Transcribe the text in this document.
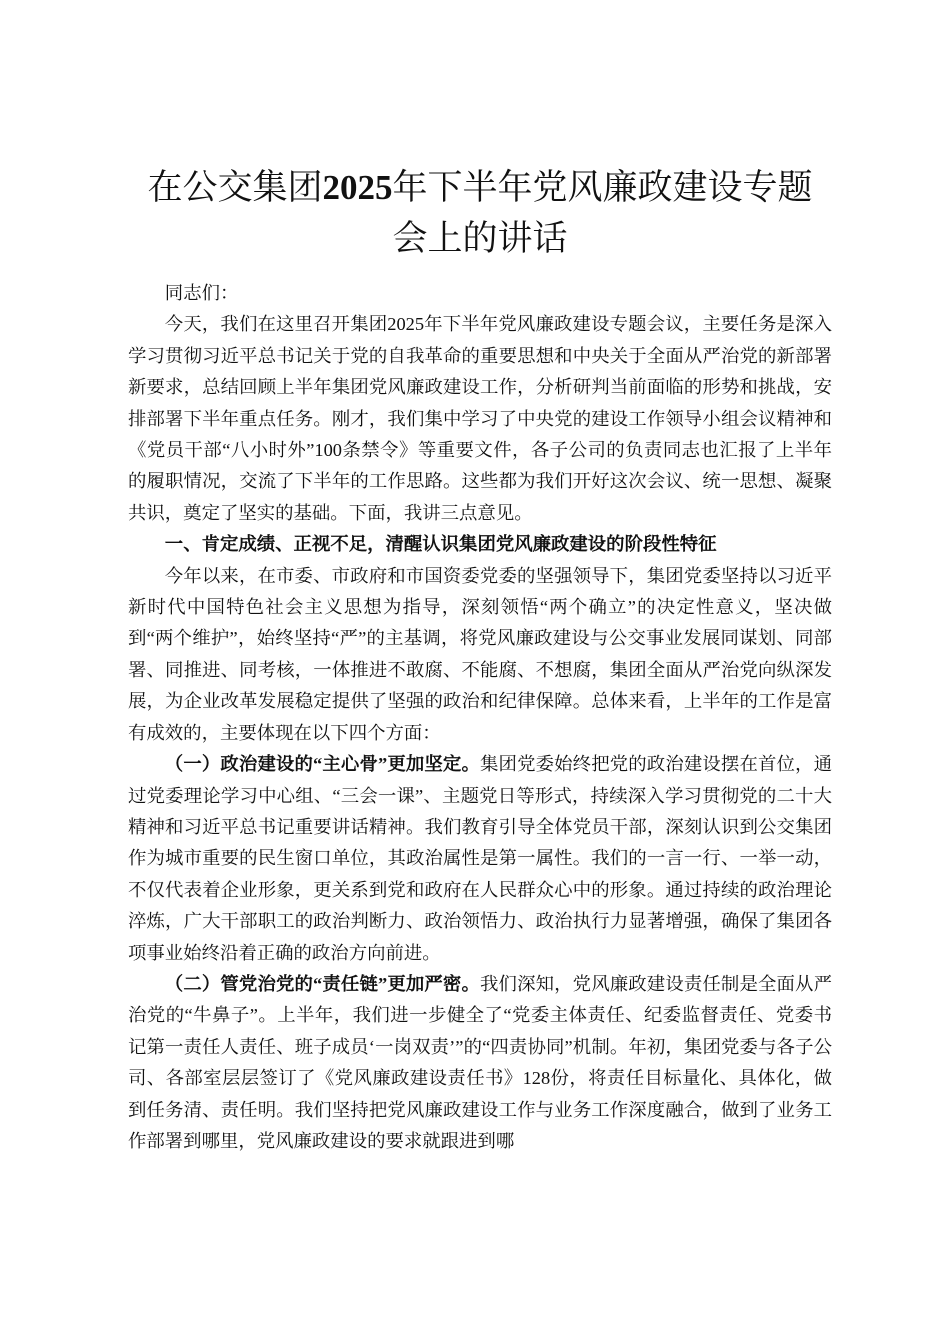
在公交集团2025年下半年党风廉政建设专题
会上的讲话

同志们：

今天，我们在这里召开集团2025年下半年党风廉政建设专题会议，主要任务是深入学习贯彻习近平总书记关于党的自我革命的重要思想和中央关于全面从严治党的新部署新要求，总结回顾上半年集团党风廉政建设工作，分析研判当前面临的形势和挑战，安排部署下半年重点任务。刚才，我们集中学习了中央党的建设工作领导小组会议精神和《党员干部“八小时外”100条禁令》等重要文件，各子公司的负责同志也汇报了上半年的履职情况，交流了下半年的工作思路。这些都为我们开好这次会议、统一思想、凝聚共识，奠定了坚实的基础。下面，我讲三点意见。

一、肯定成绩、正视不足，清醒认识集团党风廉政建设的阶段性特征

今年以来，在市委、市政府和市国资委党委的坚强领导下，集团党委坚持以习近平新时代中国特色社会主义思想为指导，深刻领悟“两个确立”的决定性意义，坚决做到“两个维护”，始终坚持“严”的主基调，将党风廉政建设与公交事业发展同谋划、同部署、同推进、同考核，一体推进不敢腐、不能腐、不想腐，集团全面从严治党向纵深发展，为企业改革发展稳定提供了坚强的政治和纪律保障。总体来看，上半年的工作是富有成效的，主要体现在以下四个方面：

（一）政治建设的“主心骨”更加坚定。集团党委始终把党的政治建设摆在首位，通过党委理论学习中心组、“三会一课”、主题党日等形式，持续深入学习贯彻党的二十大精神和习近平总书记重要讲话精神。我们教育引导全体党员干部，深刻认识到公交集团作为城市重要的民生窗口单位，其政治属性是第一属性。我们的一言一行、一举一动，不仅代表着企业形象，更关系到党和政府在人民群众心中的形象。通过持续的政治理论淬炼，广大干部职工的政治判断力、政治领悟力、政治执行力显著增强，确保了集团各项事业始终沿着正确的政治方向前进。

（二）管党治党的“责任链”更加严密。我们深知，党风廉政建设责任制是全面从严治党的“牛鼻子”。上半年，我们进一步健全了“党委主体责任、纪委监督责任、党委书记第一责任人责任、班子成员‘一岗双责’”的“四责协同”机制。年初，集团党委与各子公司、各部室层层签订了《党风廉政建设责任书》128份，将责任目标量化、具体化，做到任务清、责任明。我们坚持把党风廉政建设工作与业务工作深度融合，做到了业务工作部署到哪里，党风廉政建设的要求就跟进到哪
